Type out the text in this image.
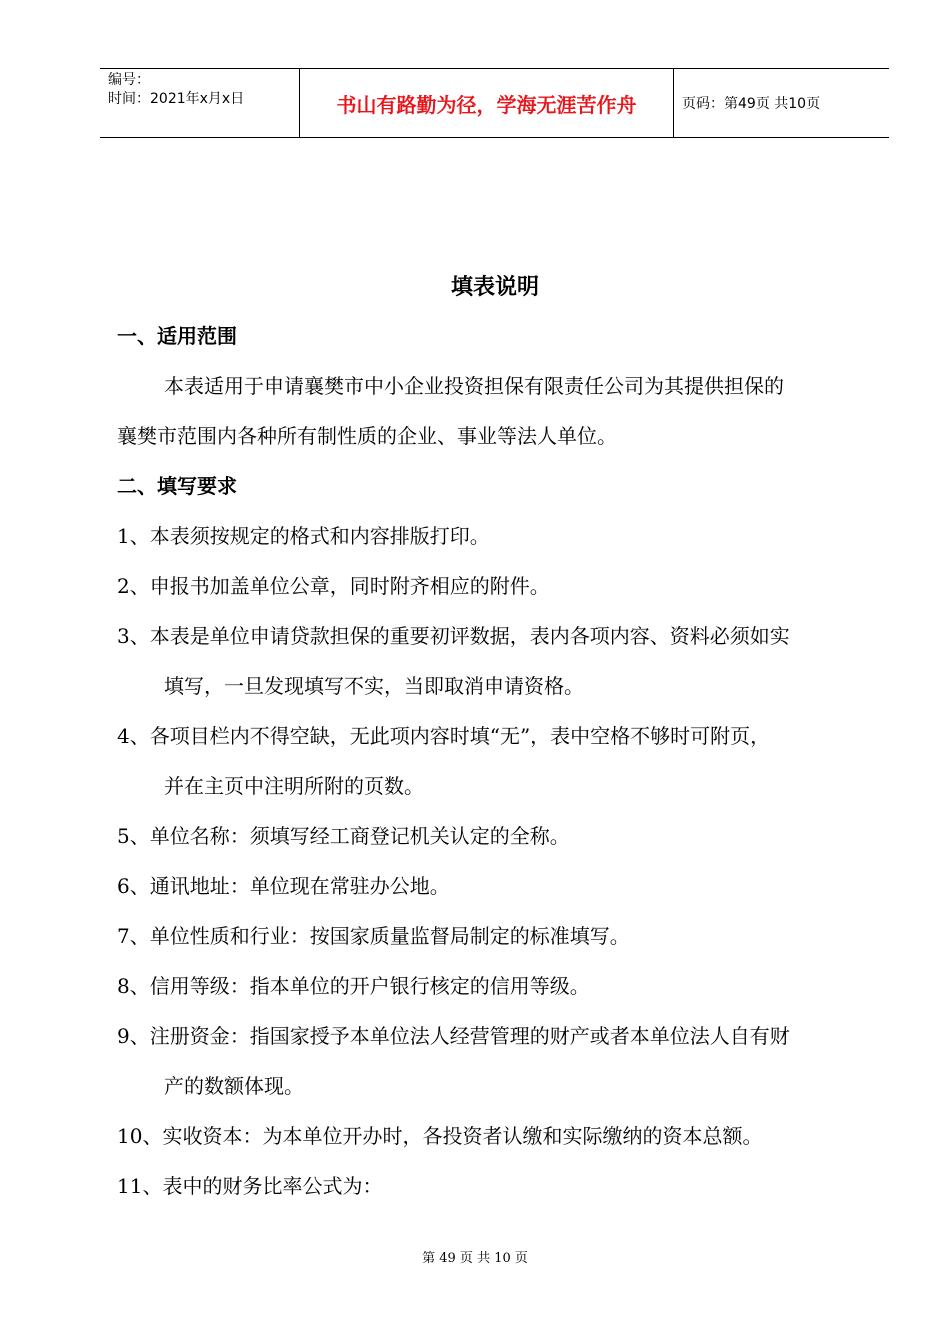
编号：
时间：2021年x月x日	书山有路勤为径，学海无涯苦作舟	页码：第49页 共10页
填表说明
一、适用范围
本表适用于申请襄樊市中小企业投资担保有限责任公司为其提供担保的
襄樊市范围内各种所有制性质的企业、事业等法人单位。
二、填写要求
1、本表须按规定的格式和内容排版打印。
2、申报书加盖单位公章，同时附齐相应的附件。
3、本表是单位申请贷款担保的重要初评数据，表内各项内容、资料必须如实
填写，一旦发现填写不实，当即取消申请资格。
4、各项目栏内不得空缺，无此项内容时填“无”，表中空格不够时可附页，
并在主页中注明所附的页数。
5、单位名称：须填写经工商登记机关认定的全称。
6、通讯地址：单位现在常驻办公地。
7、单位性质和行业：按国家质量监督局制定的标准填写。
8、信用等级：指本单位的开户银行核定的信用等级。
9、注册资金：指国家授予本单位法人经营管理的财产或者本单位法人自有财
产的数额体现。
10、实收资本：为本单位开办时，各投资者认缴和实际缴纳的资本总额。
11、表中的财务比率公式为：
第 49 页 共 10 页
